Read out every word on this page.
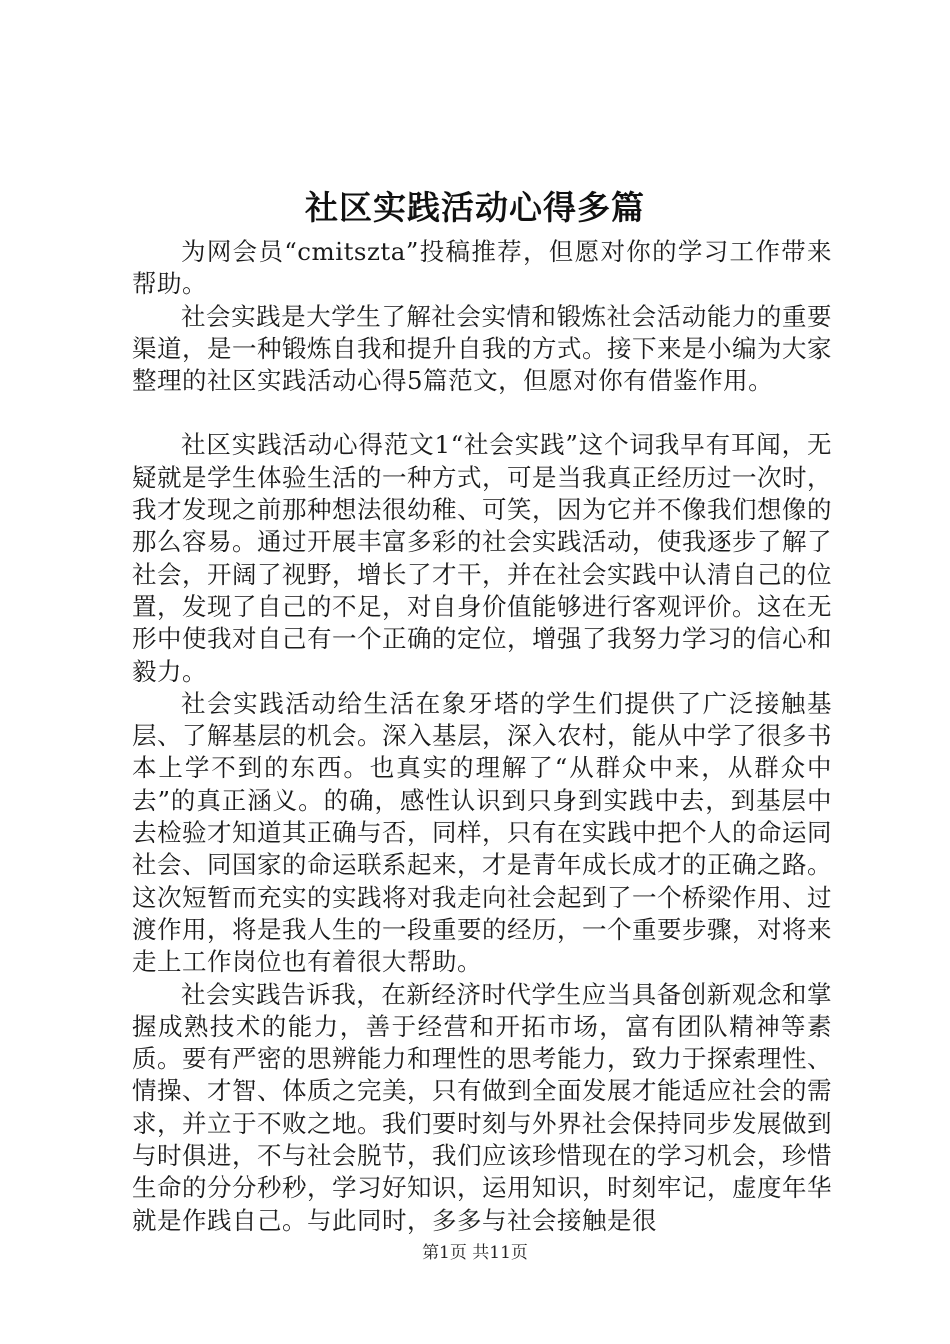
社区实践活动心得多篇

为网会员“cmitszta”投稿推荐，但愿对你的学习工作带来帮助。

社会实践是大学生了解社会实情和锻炼社会活动能力的重要渠道，是一种锻炼自我和提升自我的方式。接下来是小编为大家整理的社区实践活动心得5篇范文，但愿对你有借鉴作用。

社区实践活动心得范文1“社会实践”这个词我早有耳闻，无疑就是学生体验生活的一种方式，可是当我真正经历过一次时，我才发现之前那种想法很幼稚、可笑，因为它并不像我们想像的那么容易。通过开展丰富多彩的社会实践活动，使我逐步了解了社会，开阔了视野，增长了才干，并在社会实践中认清自己的位置，发现了自己的不足，对自身价值能够进行客观评价。这在无形中使我对自己有一个正确的定位，增强了我努力学习的信心和毅力。

社会实践活动给生活在象牙塔的学生们提供了广泛接触基层、了解基层的机会。深入基层，深入农村，能从中学了很多书本上学不到的东西。也真实的理解了“从群众中来，从群众中去”的真正涵义。的确，感性认识到只身到实践中去，到基层中去检验才知道其正确与否，同样，只有在实践中把个人的命运同社会、同国家的命运联系起来，才是青年成长成才的正确之路。这次短暂而充实的实践将对我走向社会起到了一个桥梁作用、过渡作用，将是我人生的一段重要的经历，一个重要步骤，对将来走上工作岗位也有着很大帮助。

社会实践告诉我，在新经济时代学生应当具备创新观念和掌握成熟技术的能力，善于经营和开拓市场，富有团队精神等素质。要有严密的思辨能力和理性的思考能力，致力于探索理性、情操、才智、体质之完美，只有做到全面发展才能适应社会的需求，并立于不败之地。我们要时刻与外界社会保持同步发展做到与时俱进，不与社会脱节，我们应该珍惜现在的学习机会，珍惜生命的分分秒秒，学习好知识，运用知识，时刻牢记，虚度年华就是作践自己。与此同时，多多与社会接触是很

第1页 共11页
